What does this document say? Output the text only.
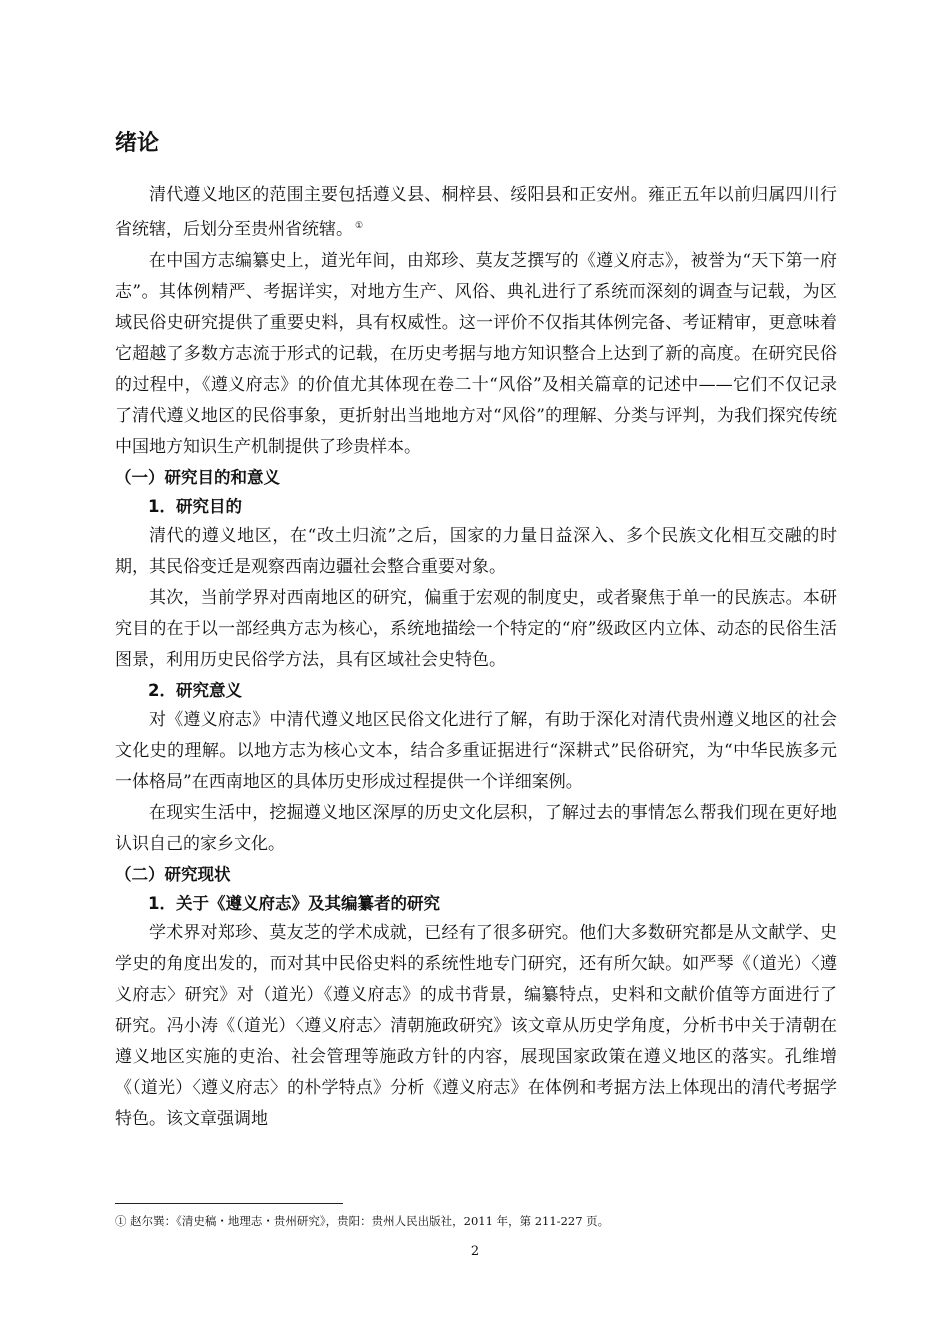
绪论

清代遵义地区的范围主要包括遵义县、桐梓县、绥阳县和正安州。雍正五年以前归属四川行省统辖，后划分至贵州省统辖。 ①

在中国方志编纂史上，道光年间，由郑珍、莫友芝撰写的《遵义府志》，被誉为“天下第一府志”。其体例精严、考据详实，对地方生产、风俗、典礼进行了系统而深刻的调查与记载，为区域民俗史研究提供了重要史料，具有权威性。这一评价不仅指其体例完备、考证精审，更意味着它超越了多数方志流于形式的记载，在历史考据与地方知识整合上达到了新的高度。在研究民俗的过程中，《遵义府志》的价值尤其体现在卷二十“风俗”及相关篇章的记述中——它们不仅记录了清代遵义地区的民俗事象，更折射出当地地方对“风俗”的理解、分类与评判，为我们探究传统中国地方知识生产机制提供了珍贵样本。

（一）研究目的和意义
1．研究目的

清代的遵义地区，在“改土归流”之后，国家的力量日益深入、多个民族文化相互交融的时期，其民俗变迁是观察西南边疆社会整合重要对象。

其次，当前学界对西南地区的研究，偏重于宏观的制度史，或者聚焦于单一的民族志。本研究目的在于以一部经典方志为核心，系统地描绘一个特定的“府”级政区内立体、动态的民俗生活图景，利用历史民俗学方法，具有区域社会史特色。

2．研究意义

对《遵义府志》中清代遵义地区民俗文化进行了解，有助于深化对清代贵州遵义地区的社会文化史的理解。以地方志为核心文本，结合多重证据进行“深耕式”民俗研究，为“中华民族多元一体格局”在西南地区的具体历史形成过程提供一个详细案例。

在现实生活中，挖掘遵义地区深厚的历史文化层积，了解过去的事情怎么帮我们现在更好地认识自己的家乡文化。

（二）研究现状
1．关于《遵义府志》及其编纂者的研究

学术界对郑珍、莫友芝的学术成就，已经有了很多研究。他们大多数研究都是从文献学、史学史的角度出发的，而对其中民俗史料的系统性地专门研究，还有所欠缺。如严琴《（道光）〈遵义府志〉研究》对（道光）《遵义府志》的成书背景，编纂特点，史料和文献价值等方面进行了研究。冯小涛《（道光）〈遵义府志〉清朝施政研究》该文章从历史学角度，分析书中关于清朝在遵义地区实施的吏治、社会管理等施政方针的内容，展现国家政策在遵义地区的落实。孔维增《（道光）〈遵义府志〉的朴学特点》分析《遵义府志》在体例和考据方法上体现出的清代考据学特色。该文章强调地

① 赵尔巽：《清史稿・地理志・贵州研究》，贵阳：贵州人民出版社，2011 年，第 211-227 页。
2
